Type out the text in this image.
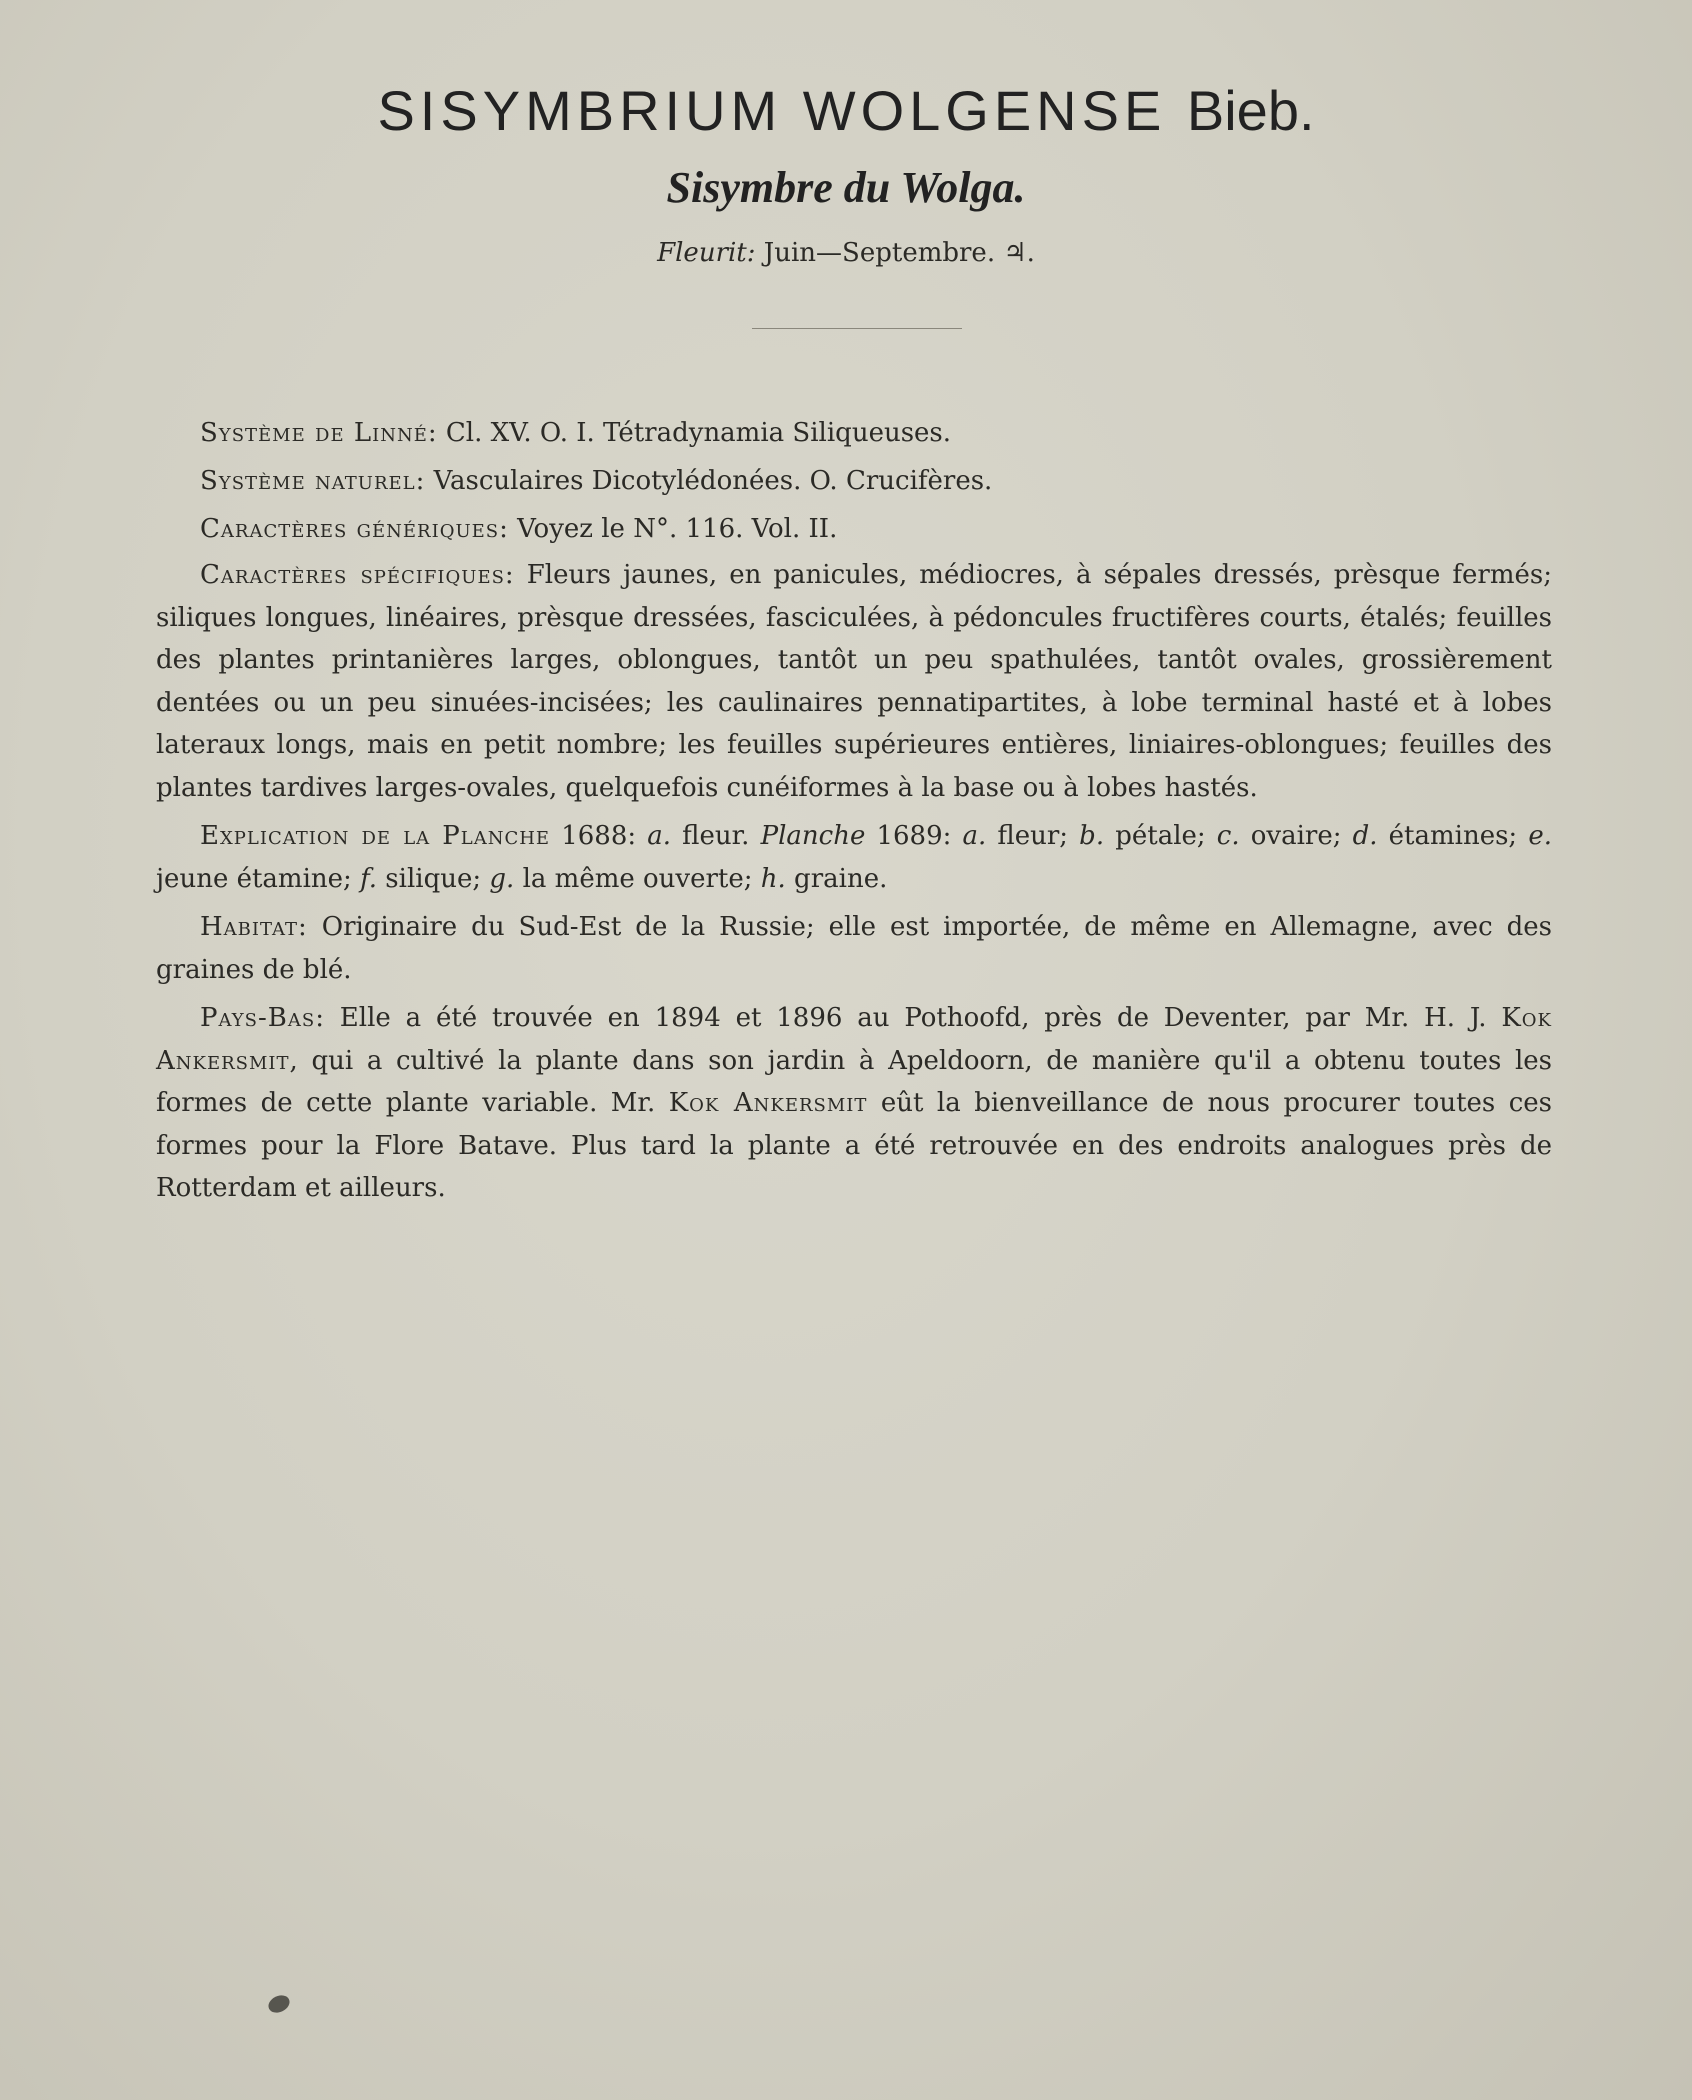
SISYMBRIUM WOLGENSE Bieb.
Sisymbre du Wolga.
Fleurit: Juin—Septembre. ♃.

Système de Linné: Cl. XV. O. I. Tétradynamia Siliqueuses.

Système naturel: Vasculaires Dicotylédonées. O. Crucifères.

Caractères génériques: Voyez le N°. 116. Vol. II.

Caractères spécifiques: Fleurs jaunes, en panicules, médiocres, à sépales dressés, prèsque fermés; siliques longues, linéaires, prèsque dressées, fasciculées, à pédoncules fructifères courts, étalés; feuilles des plantes printanières larges, oblongues, tantôt un peu spathulées, tantôt ovales, grossièrement dentées ou un peu sinuées-incisées; les caulinaires pennatipartites, à lobe terminal hasté et à lobes lateraux longs, mais en petit nombre; les feuilles supérieures entières, liniaires-oblongues; feuilles des plantes tardives larges-ovales, quelquefois cunéiformes à la base ou à lobes hastés.

Explication de la Planche 1688: a. fleur. Planche 1689: a. fleur; b. pétale; c. ovaire; d. étamines; e. jeune étamine; f. silique; g. la même ouverte; h. graine.

Habitat: Originaire du Sud-Est de la Russie; elle est importée, de même en Allemagne, avec des graines de blé.

Pays-Bas: Elle a été trouvée en 1894 et 1896 au Pothoofd, près de Deventer, par Mr. H. J. Kok Ankersmit, qui a cultivé la plante dans son jardin à Apeldoorn, de manière qu'il a obtenu toutes les formes de cette plante variable. Mr. Kok Ankersmit eût la bienveillance de nous procurer toutes ces formes pour la Flore Batave. Plus tard la plante a été retrouvée en des endroits analogues près de Rotterdam et ailleurs.
